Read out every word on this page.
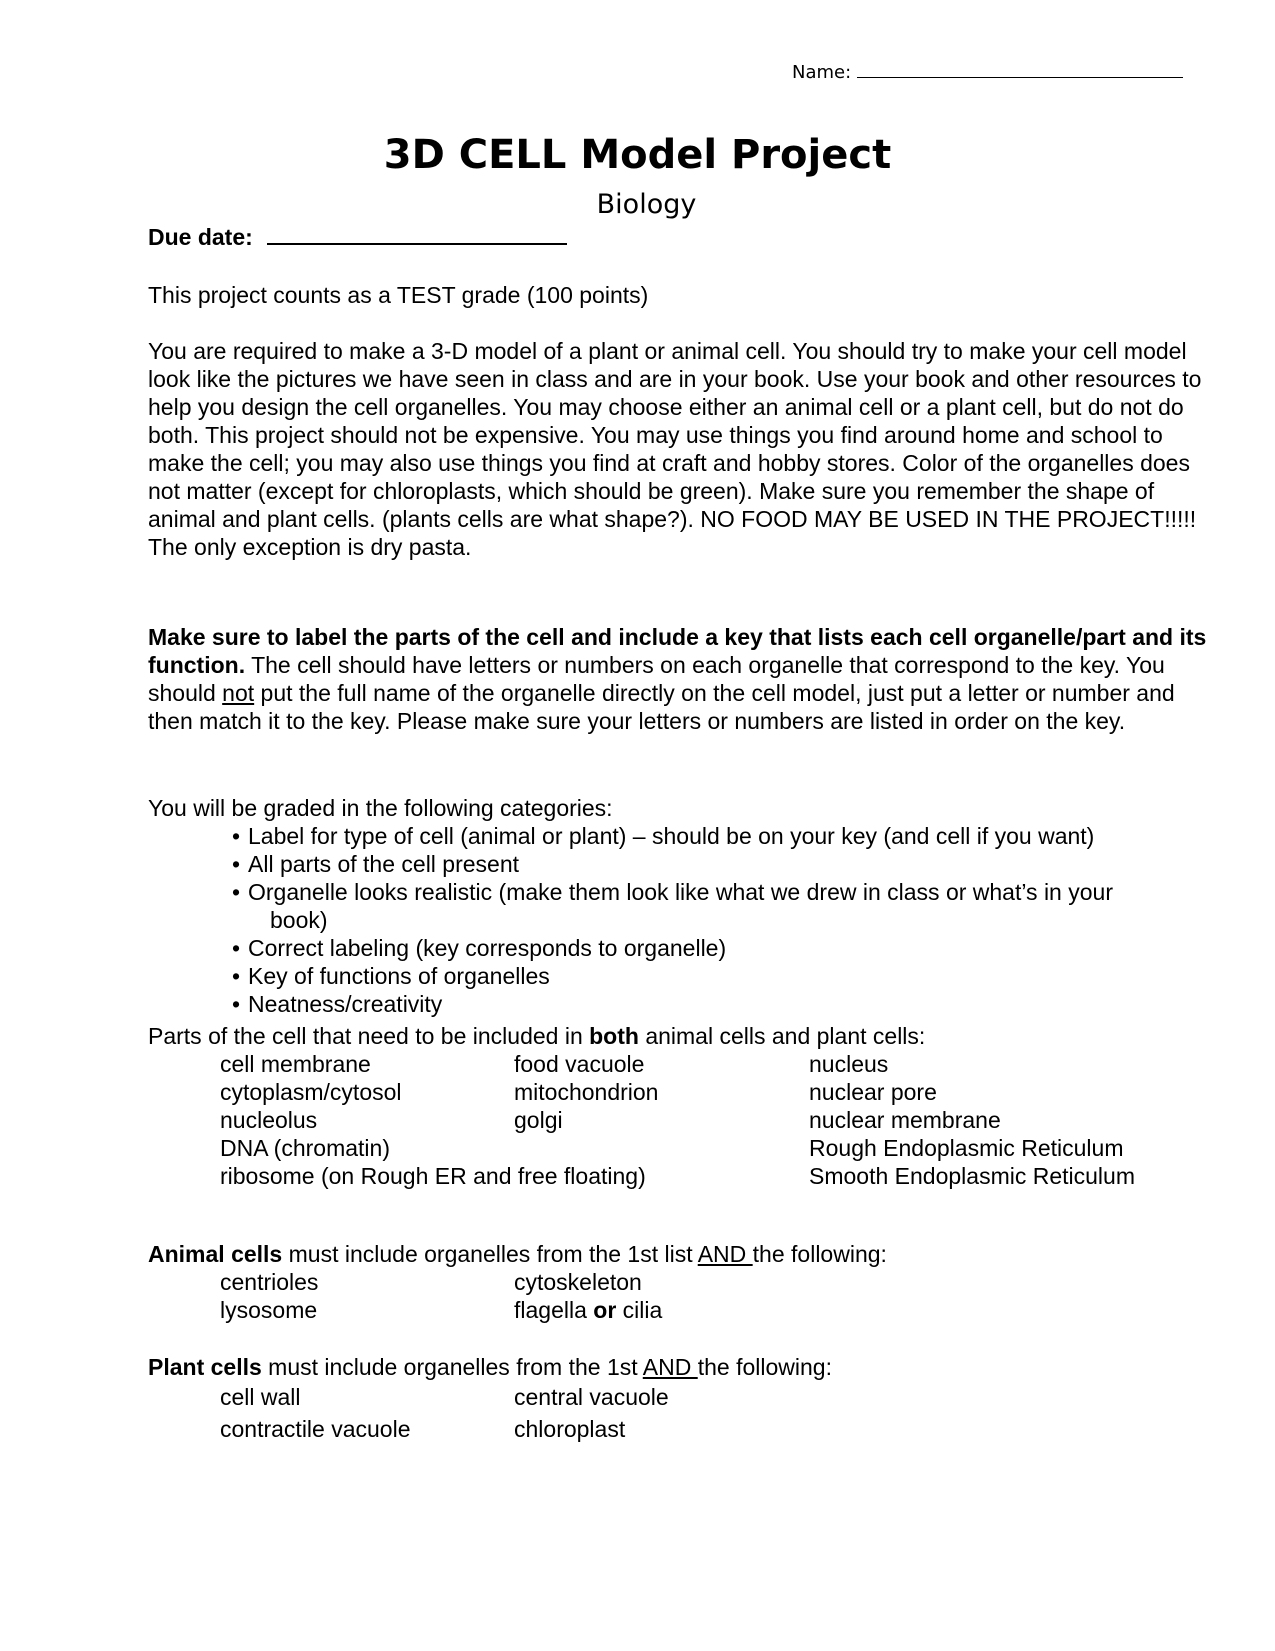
Name:
3D CELL Model Project
Biology
Due date:
This project counts as a TEST grade (100 points)
You are required to make a 3-D model of a plant or animal cell. You should try to make your cell model look like the pictures we have seen in class and are in your book. Use your book and other resources to help you design the cell organelles. You may choose either an animal cell or a plant cell, but do not do both. This project should not be expensive. You may use things you find around home and school to make the cell; you may also use things you find at craft and hobby stores. Color of the organelles does not matter (except for chloroplasts, which should be green). Make sure you remember the shape of animal and plant cells. (plants cells are what shape?). NO FOOD MAY BE USED IN THE PROJECT!!!!! The only exception is dry pasta.
Make sure to label the parts of the cell and include a key that lists each cell organelle/part and its function. The cell should have letters or numbers on each organelle that correspond to the key. You should not put the full name of the organelle directly on the cell model, just put a letter or number and then match it to the key. Please make sure your letters or numbers are listed in order on the key.
You will be graded in the following categories:
• Label for type of cell (animal or plant) – should be on your key (and cell if you want)
• All parts of the cell present
• Organelle looks realistic (make them look like what we drew in class or what’s in your
book)
• Correct labeling (key corresponds to organelle)
• Key of functions of organelles
• Neatness/creativity
Parts of the cell that need to be included in both animal cells and plant cells:
cell membrane
cytoplasm/cytosol
nucleolus
DNA (chromatin)
ribosome (on Rough ER and free floating)
food vacuole
mitochondrion
golgi
nucleus
nuclear pore
nuclear membrane
Rough Endoplasmic Reticulum
Smooth Endoplasmic Reticulum
Animal cells must include organelles from the 1st list AND the following:
centrioles
lysosome
cytoskeleton
flagella or cilia
Plant cells must include organelles from the 1st AND the following:
cell wall
contractile vacuole
central vacuole
chloroplast
